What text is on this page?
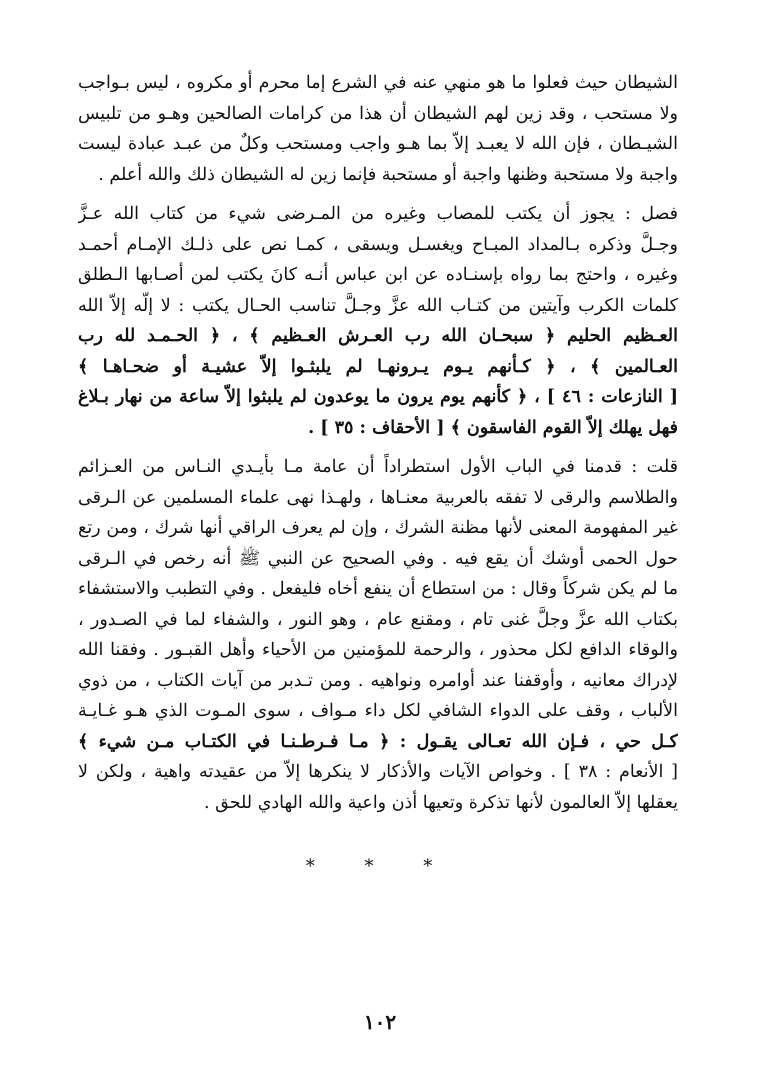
الشيطان حيث فعلوا ما هو منهي عنه في الشرع إما محرم أو مكروه ، ليس بـواجب
ولا مستحب ، وقد زين لهم الشيطان أن هذا من كرامات الصالحين وهـو من تلبيس
الشيـطان ، فإن الله لا يعبـد إلاّ بما هـو واجب ومستحب وكلٌ من عبـد عبادة ليست
واجبة ولا مستحبة وظنها واجبة أو مستحبة فإنما زين له الشيطان ذلك والله أعلم .

فصل : يجوز أن يكتب للمصاب وغيره من المـرضى شيء من كتاب الله عـزَّ
وجـلَّ وذكره بـالمداد المبـاح ويغسـل ويسقى ، كمـا نص على ذلـك الإمـام أحمـد
وغيره ، واحتج بما رواه بإسنـاده عن ابن عباس أنـه كانَ يكتب لمن أصـابها الـطلق
كلمات الكرب وآيتين من كتـاب الله عزَّ وجـلَّ تناسب الحـال يكتب : لا إلّه إلاّ الله
العـظيم الحليم ﴿ سبحـان الله رب العـرش العـظيم ﴾ ، ﴿ الحـمـد لله رب
العـالمين ﴾ ، ﴿ كـأنهم يـوم يـرونهـا لم يلبثـوا إلاّ عشيـة أو ضحـاهـا ﴾
[ النازعات : ٤٦ ] ، ﴿ كأنهم يوم يرون ما يوعدون لم يلبثوا إلاّ ساعة من نهار بـلاغ
فهل يهلك إلاّ القوم الفاسقون ﴾ [ الأحقاف : ٣٥ ] .

قلت : قدمنا في الباب الأول استطراداً أن عامة مـا بأيـدي النـاس من العـزائم
والطلاسم والرقى لا تفقه بالعربية معنـاها ، ولهـذا نهى علماء المسلمين عن الـرقى
غير المفهومة المعنى لأنها مظنة الشرك ، وإن لم يعرف الراقي أنها شرك ، ومن رتع
حول الحمى أوشك أن يقع فيه . وفي الصحيح عن النبي ﷺ أنه رخص في الـرقى
ما لم يكن شركاً وقال : من استطاع أن ينفع أخاه فليفعل . وفي التطبب والاستشفاء
بكتاب الله عزَّ وجلَّ غنى تام ، ومقنع عام ، وهو النور ، والشفاء لما في الصـدور ،
والوقاء الدافع لكل محذور ، والرحمة للمؤمنين من الأحياء وأهل القبـور . وفقنا الله
لإدراك معانيه ، وأوقفنا عند أوامره ونواهيه . ومن تـدبر من آيات الكتاب ، من ذوي
الألباب ، وقف على الدواء الشافي لكل داء مـواف ، سوى المـوت الذي هـو غـايـة
كـل حي ، فـإن الله تعـالى يقـول : ﴿ مـا فـرطـنـا في الكتـاب مـن شيء ﴾
[ الأنعام : ٣٨ ] . وخواص الآيات والأذكار لا ينكرها إلاّ من عقيدته واهية ، ولكن لا
يعقلها إلاّ العالمون لأنها تذكرة وتعيها أذن واعية والله الهادي للحق .

* * *
١٠٢
